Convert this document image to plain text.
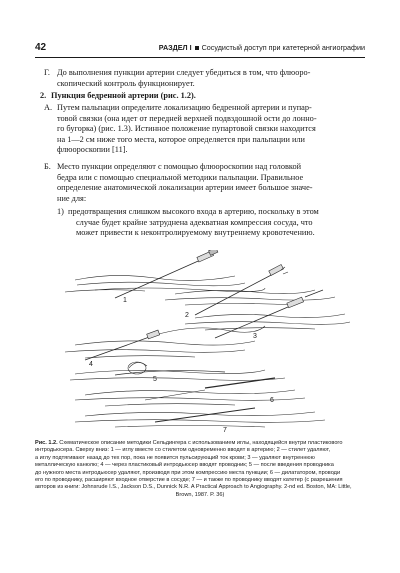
42	РАЗДЕЛ I Сосудистый доступ при катетерной ангиографии
Г. До выполнения пункции артерии следует убедиться в том, что флюоро-
скопический контроль функционирует.
2. Пункция бедренной артерии (рис. 1.2).
А. Путем пальпации определите локализацию бедренной артерии и пупар-
товой связки (она идет от передней верхней подвздошной ости до лонно-
го бугорка) (рис. 1.3). Истинное положение пупартовой связки находится
на 1—2 см ниже того места, которое определяется при пальпации или
флюороскопии [11].
Б. Место пункции определяют с помощью флюороскопии над головкой
бедра или с помощью специальной методики пальпации. Правильное
определение анатомической локализации артерии имеет большое значе-
ние для:
1) предотвращения слишком высокого входа в артерию, поскольку в этом
случае будет крайне затруднена адекватная компрессия сосуда, что
может привести к неконтролируемому внутреннему кровотечению.
1
2
3
4
5
6
7
Рис. 1.2. Схематическое описание методики Сельдингера с использованием иглы, находящейся внутри пластикового
интродьюсера. Сверху вниз: 1 — иглу вместе со стилетом одновременно вводят в артерию; 2 — стилет удаляют,
а иглу подтягивают назад до тех пор, пока не появится пульсирующий ток крови; 3 — удаляют внутреннюю
металлическую канюлю; 4 — через пластиковый интродьюсер вводят проводник; 5 — после введения проводника
до нужного места интродьюсер удаляют, производя при этом компрессию места пункции; 6 — дилататором, проводи
его по проводнику, расширяют входное отверстие в сосуде; 7 — и также по проводнику вводят катетер (с разрешения
авторов из книги: Johnsrude I.S., Jackson D.S., Dunnick N.R. A Practical Approach to Angiography. 2-nd ed. Boston, MA: Little,
Brown, 1987. P. 36)
